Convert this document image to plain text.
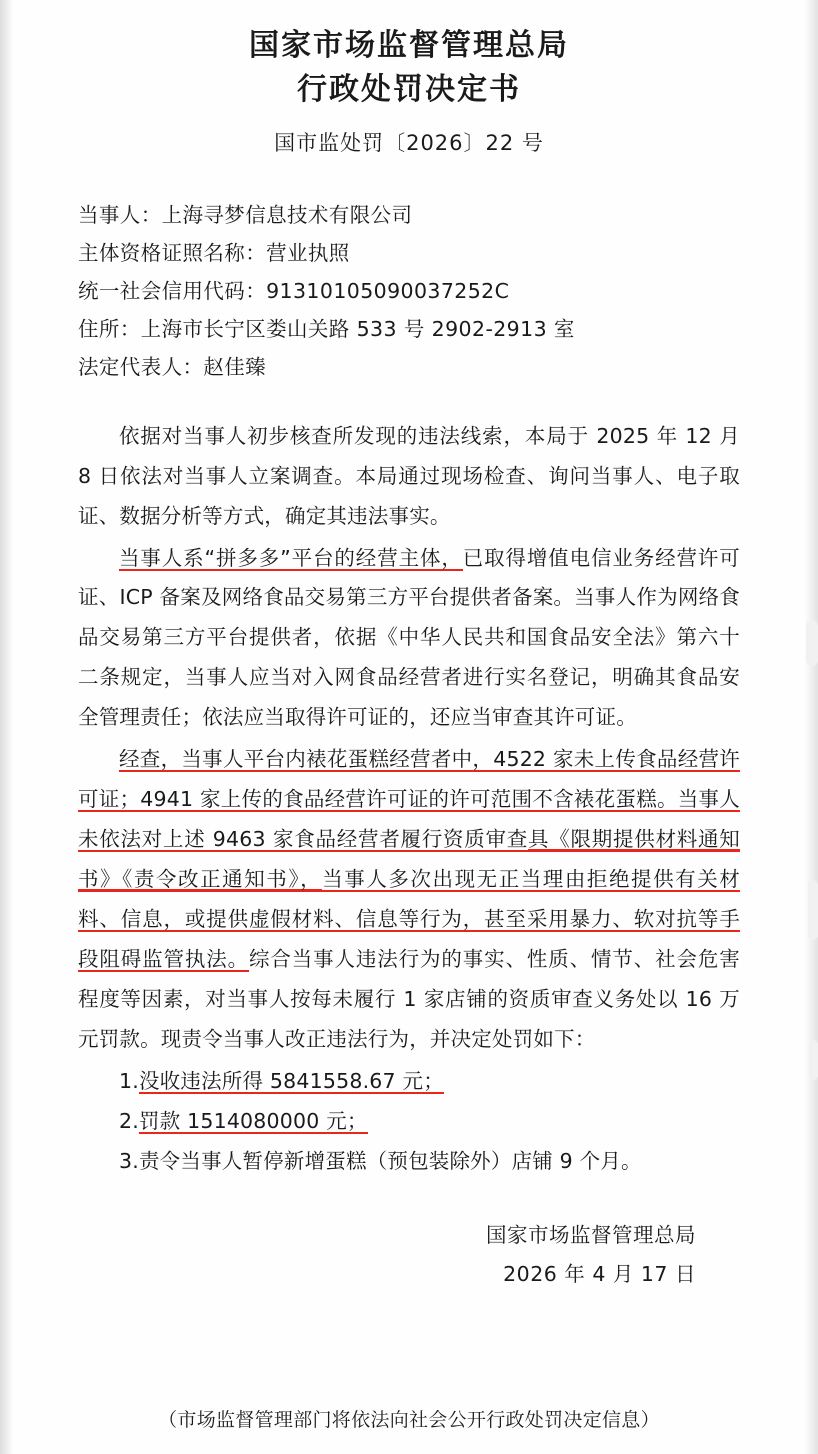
国家市场监督管理总局
行政处罚决定书
国市监处罚〔2026〕22 号
当事人：上海寻梦信息技术有限公司
主体资格证照名称：营业执照
统一社会信用代码：91310105090037252C
住所：上海市长宁区娄山关路 533 号 2902-2913 室
法定代表人：赵佳臻

依据对当事人初步核查所发现的违法线索，本局于 2025 年 12 月 8 日依法对当事人立案调查。本局通过现场检查、询问当事人、电子取证、数据分析等方式，确定其违法事实。

当事人系“拼多多”平台的经营主体，已取得增值电信业务经营许可证、ICP 备案及网络食品交易第三方平台提供者备案。当事人作为网络食品交易第三方平台提供者，依据《中华人民共和国食品安全法》第六十二条规定，当事人应当对入网食品经营者进行实名登记，明确其食品安全管理责任；依法应当取得许可证的，还应当审查其许可证。

经查，当事人平台内裱花蛋糕经营者中，4522 家未上传食品经营许可证；4941 家上传的食品经营许可证的许可范围不含裱花蛋糕。当事人未依法对上述 9463 家食品经营者履行资质审查具《限期提供材料通知书》《责令改正通知书》，当事人多次出现无正当理由拒绝提供有关材料、信息，或提供虚假材料、信息等行为，甚至采用暴力、软对抗等手段阻碍监管执法。综合当事人违法行为的事实、性质、情节、社会危害程度等因素，对当事人按每未履行 1 家店铺的资质审查义务处以 16 万元罚款。现责令当事人改正违法行为，并决定处罚如下：

1.没收违法所得 5841558.67 元；

2.罚款 1514080000 元；

3.责令当事人暂停新增蛋糕（预包装除外）店铺 9 个月。

国家市场监督管理总局
2026 年 4 月 17 日
（市场监督管理部门将依法向社会公开行政处罚决定信息）
